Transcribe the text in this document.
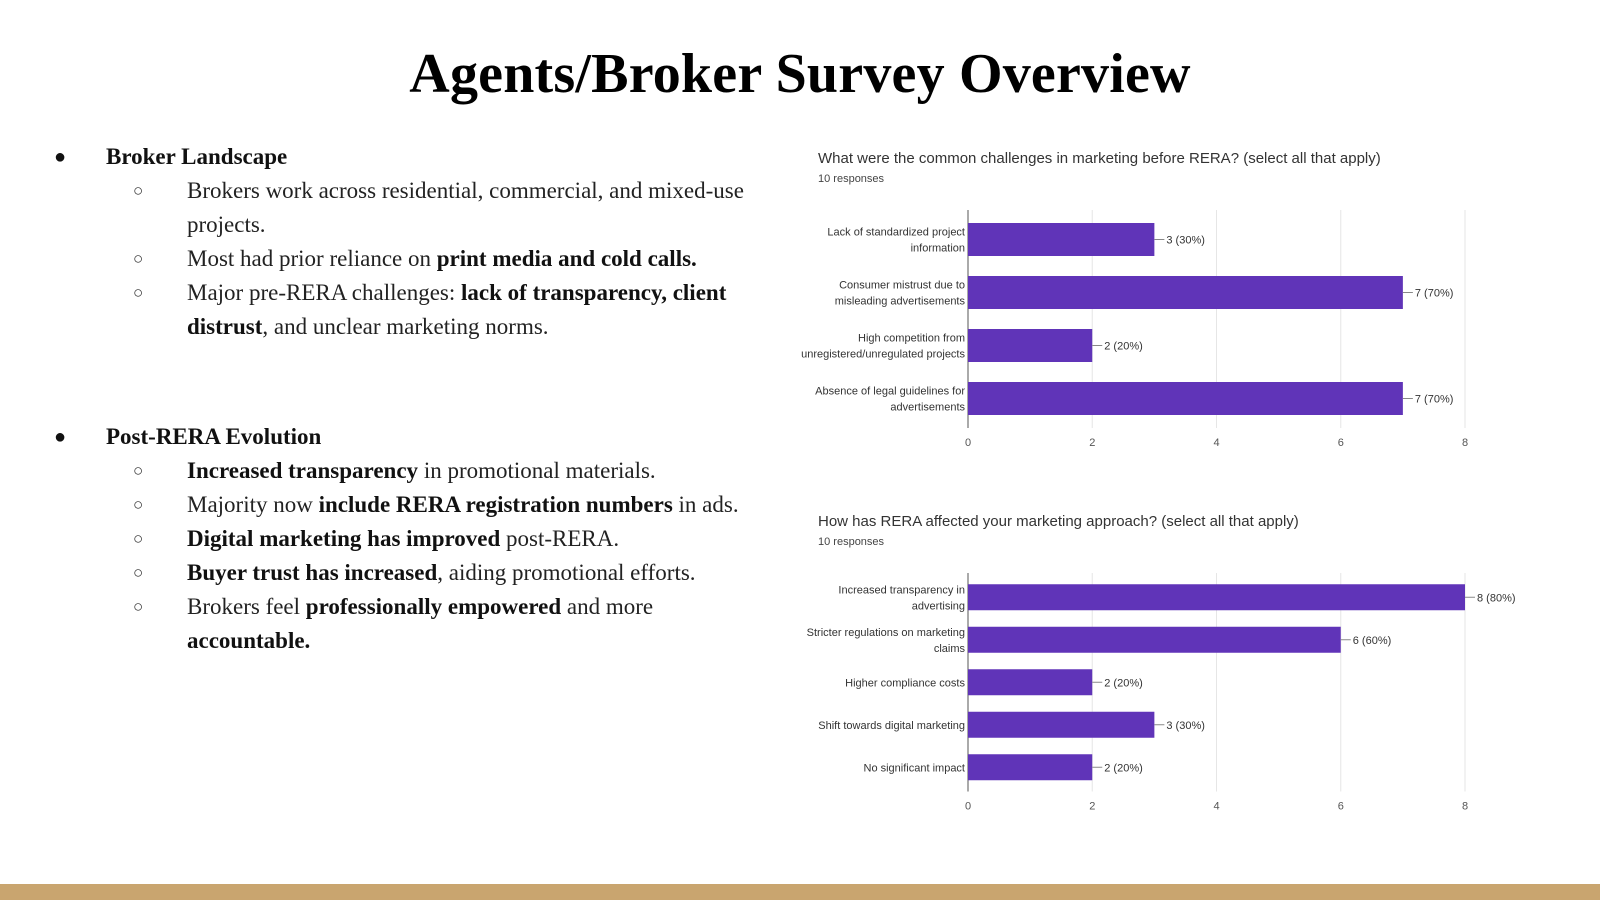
Agents/Broker Survey Overview
● Broker Landscape
○ Brokers work across residential, commercial, and mixed-use projects.
○ Most had prior reliance on print media and cold calls.
○ Major pre-RERA challenges: lack of transparency, client distrust, and unclear marketing norms.
● Post-RERA Evolution
○ Increased transparency in promotional materials.
○ Majority now include RERA registration numbers in ads.
○ Digital marketing has improved post-RERA.
○ Buyer trust has increased, aiding promotional efforts.
○ Brokers feel professionally empowered and more accountable.
What were the common challenges in marketing before RERA? (select all that apply)
10 responses
0	2	4	6	8
3 (30%)
Lack of standardized project
information
7 (70%)
Consumer mistrust due to
misleading advertisements
2 (20%)
High competition from
unregistered/unregulated projects
7 (70%)
Absence of legal guidelines for
advertisements
How has RERA affected your marketing approach? (select all that apply)
10 responses
0	2	4	6	8
8 (80%)
Increased transparency in
advertising
6 (60%)
Stricter regulations on marketing
claims
2 (20%)
Higher compliance costs
3 (30%)
Shift towards digital marketing
2 (20%)
No significant impact
